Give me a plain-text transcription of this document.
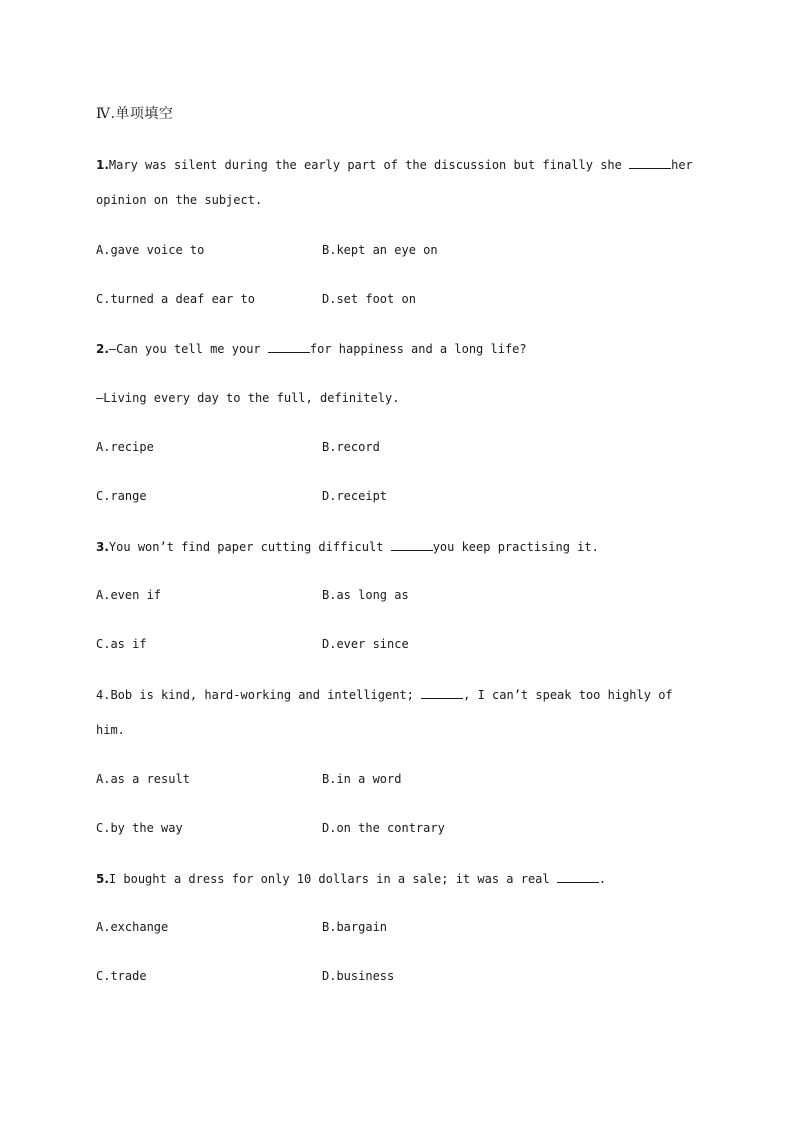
Ⅳ.单项填空
1.Mary was silent during the early part of the discussion but finally she	her
opinion on the subject.

A.gave voice to

	B.kept an eye on

C.turned a deaf ear to

	D.set foot on

2.—Can you tell me your	for happiness and a long life?
—Living every day to the full, definitely.

A.recipe

	B.record

C.range

	D.receipt

3.You won’t find paper cutting difficult	you keep practising it.

A.even if

	B.as long as

C.as if

	D.ever since

4.Bob is kind, hard-working and intelligent;	, I can’t speak too highly of
him.

A.as a result

	B.in a word

C.by the way

	D.on the contrary

5.I bought a dress for only 10 dollars in a sale; it was a real	.

A.exchange

	B.bargain

C.trade

	D.business
